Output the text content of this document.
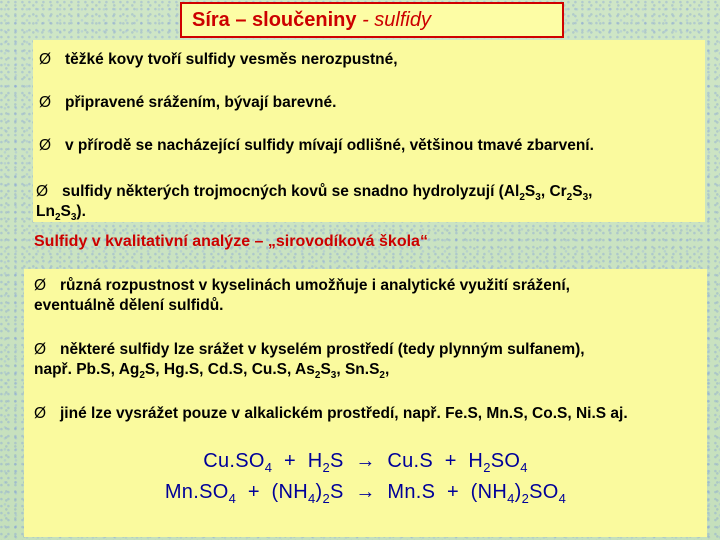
Síra – sloučeniny - sulfidy
Ø těžké kovy tvoří sulfidy vesměs nerozpustné,
Ø připravené srážením, bývají barevné.
Ø v přírodě se nacházející sulfidy mívají odlišné, většinou tmavé zbarvení.
Ø sulfidy některých trojmocných kovů se snadno hydrolyzují ($Al_2S_3$, $Cr_2S_3$,
$Ln_2S_3$).
Sulfidy v kvalitativní analýze – „sirovodíková škola“
Ø různá rozpustnost v kyselinách umožňuje i analytické využití srážení,
eventuálně dělení sulfidů.
Ø některé sulfidy lze srážet v kyselém prostředí (tedy plynným sulfanem),
např. Pb.S, $Ag_2S$, Hg.S, Cd.S, Cu.S, $As_2S_3$, $Sn.S_2$,
Ø jiné lze vysrážet pouze v alkalickém prostředí, např. Fe.S, Mn.S, Co.S, Ni.S aj.
$Cu.SO_4 + H_2S \to Cu.S + H_2SO_4$
$Mn.SO_4 + (NH_4)_2S \to Mn.S + (NH_4)_2SO_4$
